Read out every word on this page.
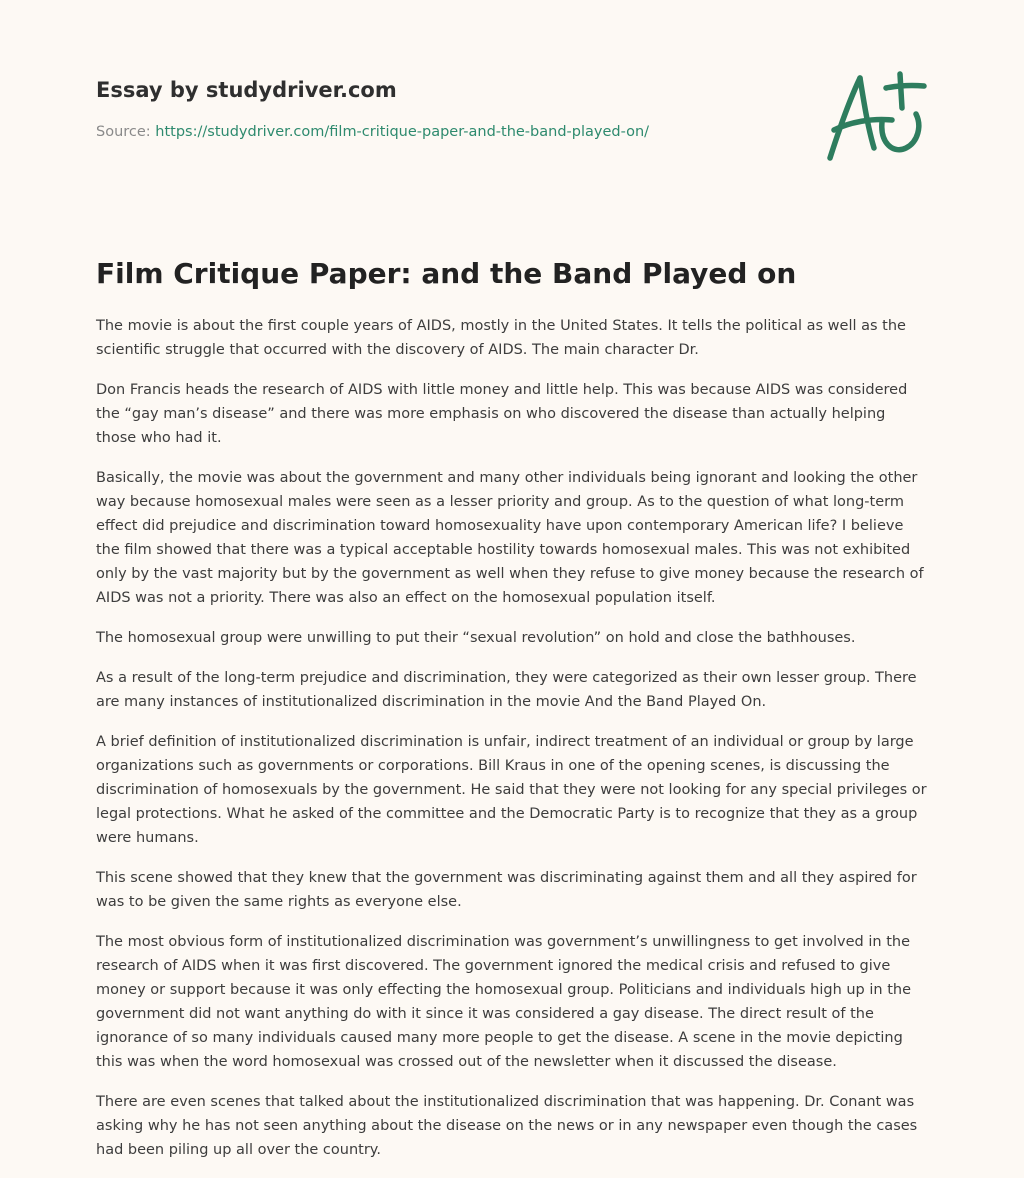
Essay by studydriver.com
Source: https://studydriver.com/film-critique-paper-and-the-band-played-on/
Film Critique Paper: and the Band Played on

The movie is about the first couple years of AIDS, mostly in the United States. It tells the political as well as the scientific struggle that occurred with the discovery of AIDS. The main character Dr.

Don Francis heads the research of AIDS with little money and little help. This was because AIDS was considered the “gay man’s disease” and there was more emphasis on who discovered the disease than actually helping those who had it.

Basically, the movie was about the government and many other individuals being ignorant and looking the other way because homosexual males were seen as a lesser priority and group. As to the question of what long-term effect did prejudice and discrimination toward homosexuality have upon contemporary American life? I believe the film showed that there was a typical acceptable hostility towards homosexual males. This was not exhibited only by the vast majority but by the government as well when they refuse to give money because the research of AIDS was not a priority. There was also an effect on the homosexual population itself.

The homosexual group were unwilling to put their “sexual revolution” on hold and close the bathhouses.

As a result of the long-term prejudice and discrimination, they were categorized as their own lesser group. There are many instances of institutionalized discrimination in the movie And the Band Played On.

A brief definition of institutionalized discrimination is unfair, indirect treatment of an individual or group by large organizations such as governments or corporations. Bill Kraus in one of the opening scenes, is discussing the discrimination of homosexuals by the government. He said that they were not looking for any special privileges or legal protections. What he asked of the committee and the Democratic Party is to recognize that they as a group were humans.

This scene showed that they knew that the government was discriminating against them and all they aspired for was to be given the same rights as everyone else.

The most obvious form of institutionalized discrimination was government’s unwillingness to get involved in the research of AIDS when it was first discovered. The government ignored the medical crisis and refused to give money or support because it was only effecting the homosexual group. Politicians and individuals high up in the government did not want anything do with it since it was considered a gay disease. The direct result of the ignorance of so many individuals caused many more people to get the disease. A scene in the movie depicting this was when the word homosexual was crossed out of the newsletter when it discussed the disease.

There are even scenes that talked about the institutionalized discrimination that was happening. Dr. Conant was asking why he has not seen anything about the disease on the news or in any newspaper even though the cases had been piling up all over the country.
